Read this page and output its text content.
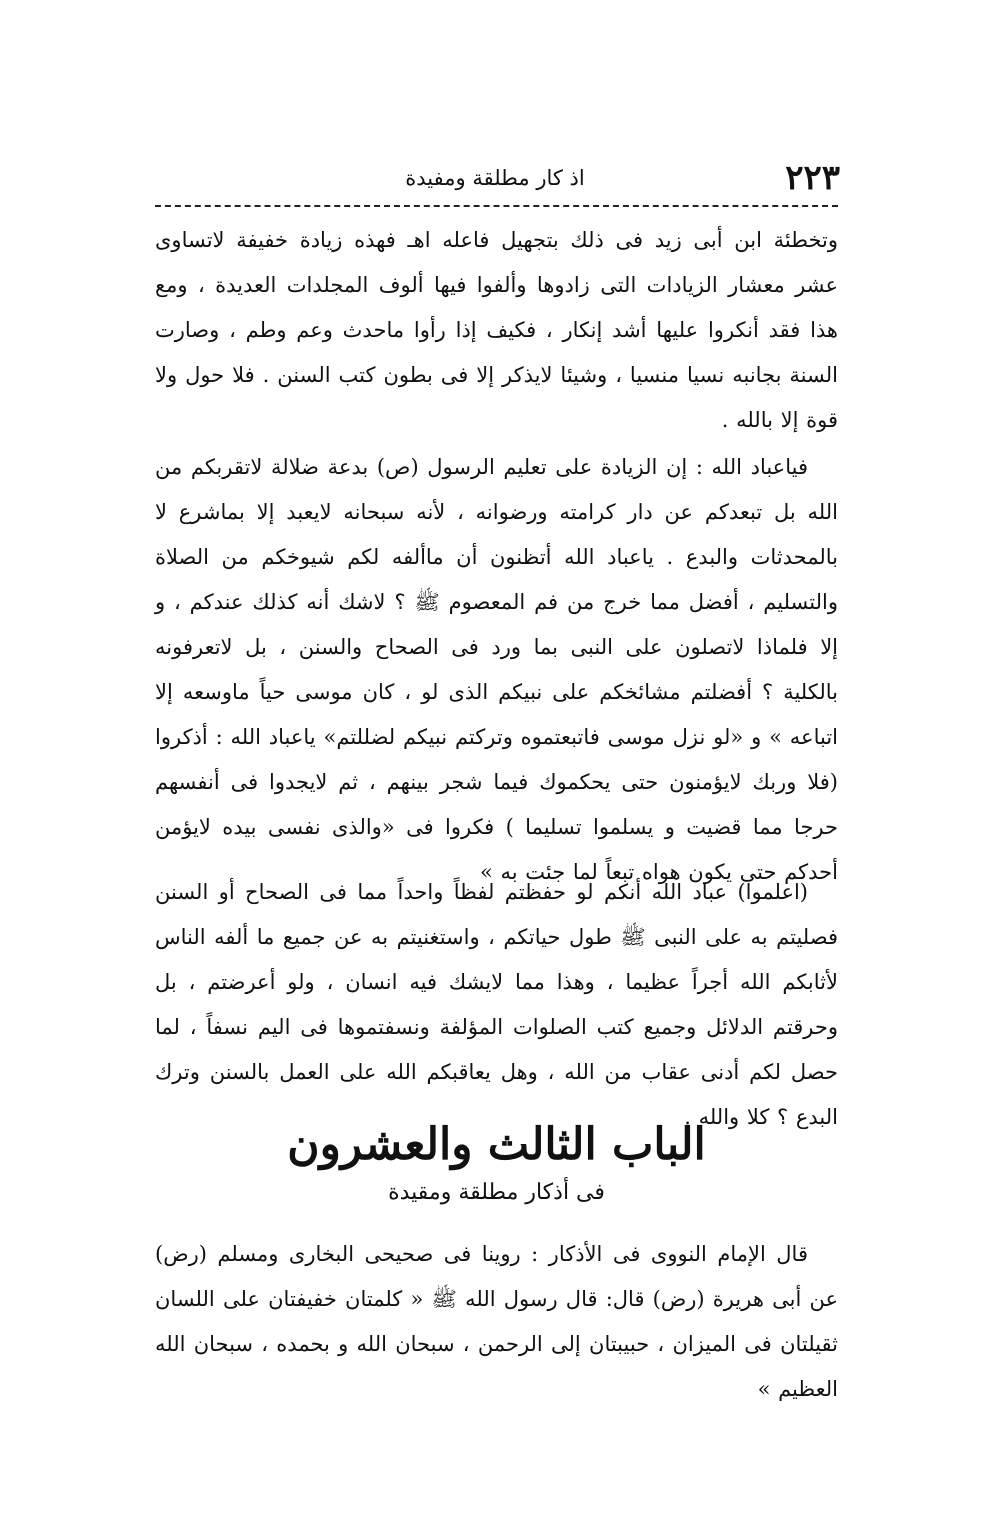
٢٢٣
اذ كار مطلقة ومفيدة

وتخطئة ابن أبى زيد فى ذلك بتجهيل فاعله اهـ فهذه زيادة خفيفة لاتساوى عشر معشار الزيادات التى زادوها وألفوا فيها ألوف المجلدات العديدة ، ومع هذا فقد أنكروا عليها أشد إنكار ، فكيف إذا رأوا ماحدث وعم وطم ، وصارت السنة بجانبه نسيا منسيا ، وشيئا لايذكر إلا فى بطون كتب السنن . فلا حول ولا قوة إلا بالله .

فياعباد الله : إن الزيادة على تعليم الرسول (ص) بدعة ضلالة لاتقربكم من الله بل تبعدكم عن دار كرامته ورضوانه ، لأنه سبحانه لايعبد إلا بماشرع لا بالمحدثات والبدع . ياعباد الله أتظنون أن ماألفه لكم شيوخكم من الصلاة والتسليم ، أفضل مما خرج من فم المعصوم ﷺ ؟ لاشك أنه كذلك عندكم ، و إلا فلماذا لاتصلون على النبى بما ورد فى الصحاح والسنن ، بل لاتعرفونه بالكلية ؟ أفضلتم مشائخكم على نبيكم الذى لو ، كان موسى حياً ماوسعه إلا اتباعه » و «لو نزل موسى فاتبعتموه وتركتم نبيكم لضللتم» ياعباد الله : أذكروا (فلا وربك لايؤمنون حتى يحكموك فيما شجر بينهم ، ثم لايجدوا فى أنفسهم حرجا مما قضيت و يسلموا تسليما ) فكروا فى «والذى نفسى بيده لايؤمن أحدكم حتى يكون هواه تبعاً لما جئت به »

(اعلموا) عباد الله أنكم لو حفظتم لفظاً واحداً مما فى الصحاح أو السنن فصليتم به على النبى ﷺ طول حياتكم ، واستغنيتم به عن جميع ما ألفه الناس لأثابكم الله أجراً عظيما ، وهذا مما لايشك فيه انسان ، ولو أعرضتم ، بل وحرقتم الدلائل وجميع كتب الصلوات المؤلفة ونسفتموها فى اليم نسفاً ، لما حصل لكم أدنى عقاب من الله ، وهل يعاقبكم الله على العمل بالسنن وترك البدع ؟ كلا والله .

الباب الثالث والعشرون
فى أذكار مطلقة ومقيدة

قال الإمام النووى فى الأذكار : روينا فى صحيحى البخارى ومسلم (رض) عن أبى هريرة (رض) قال: قال رسول الله ﷺ « كلمتان خفيفتان على اللسان ثقيلتان فى الميزان ، حبيبتان إلى الرحمن ، سبحان الله و بحمده ، سبحان الله العظيم »
